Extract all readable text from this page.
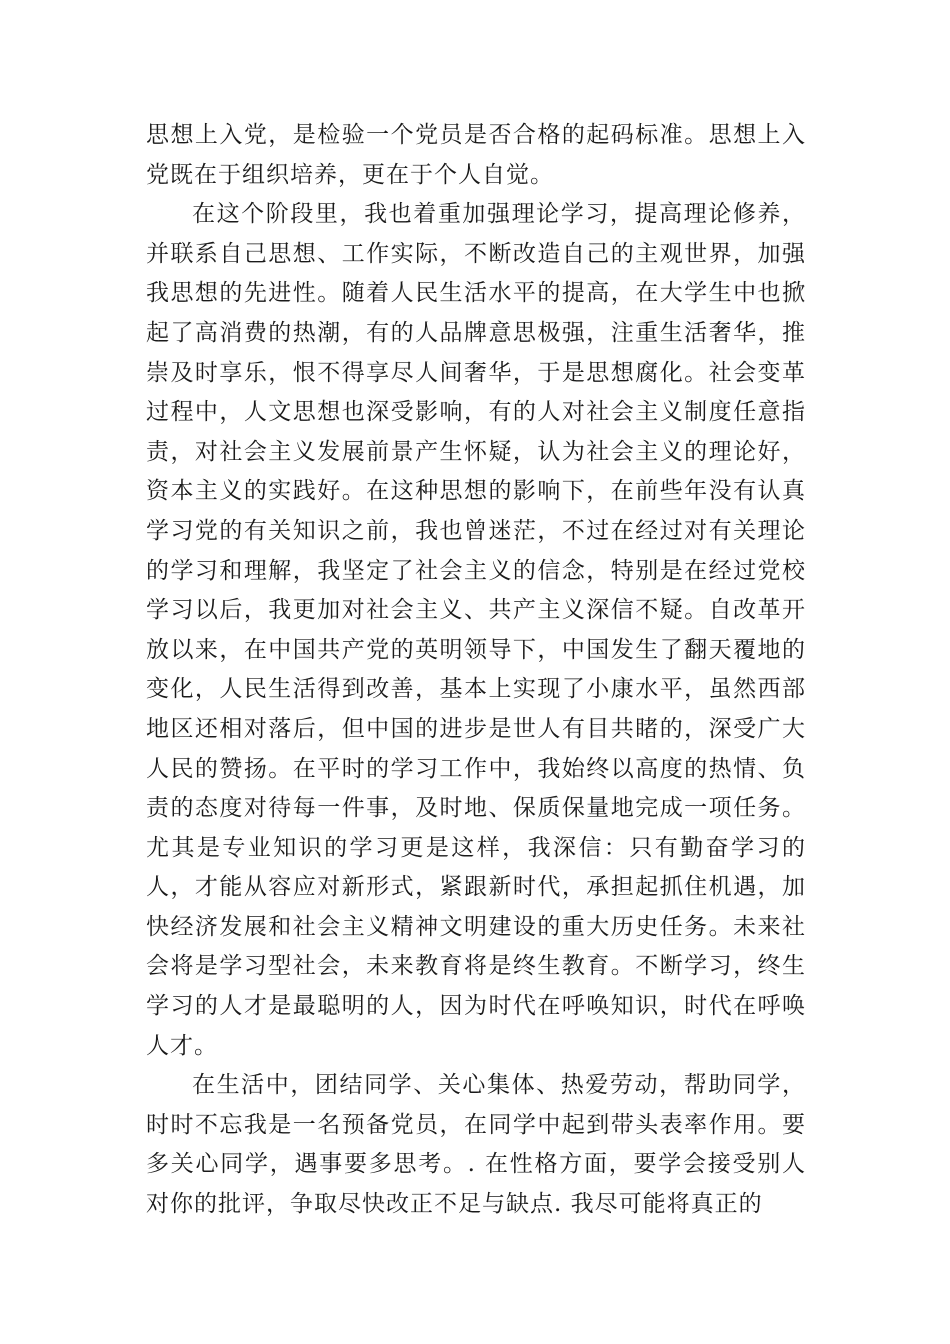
思想上入党，是检验一个党员是否合格的起码标准。思想上入党既在于组织培养，更在于个人自觉。

在这个阶段里，我也着重加强理论学习，提高理论修养，并联系自己思想、工作实际，不断改造自己的主观世界，加强我思想的先进性。随着人民生活水平的提高，在大学生中也掀起了高消费的热潮，有的人品牌意思极强，注重生活奢华，推崇及时享乐，恨不得享尽人间奢华，于是思想腐化。社会变革过程中，人文思想也深受影响，有的人对社会主义制度任意指责，对社会主义发展前景产生怀疑，认为社会主义的理论好，资本主义的实践好。在这种思想的影响下，在前些年没有认真学习党的有关知识之前，我也曾迷茫，不过在经过对有关理论的学习和理解，我坚定了社会主义的信念，特别是在经过党校学习以后，我更加对社会主义、共产主义深信不疑。自改革开放以来，在中国共产党的英明领导下，中国发生了翻天覆地的变化，人民生活得到改善，基本上实现了小康水平，虽然西部地区还相对落后，但中国的进步是世人有目共睹的，深受广大人民的赞扬。在平时的学习工作中，我始终以高度的热情、负责的态度对待每一件事，及时地、保质保量地完成一项任务。尤其是专业知识的学习更是这样，我深信：只有勤奋学习的人，才能从容应对新形式，紧跟新时代，承担起抓住机遇，加快经济发展和社会主义精神文明建设的重大历史任务。未来社会将是学习型社会，未来教育将是终生教育。不断学习，终生学习的人才是最聪明的人，因为时代在呼唤知识，时代在呼唤人才。

在生活中，团结同学、关心集体、热爱劳动，帮助同学，时时不忘我是一名预备党员，在同学中起到带头表率作用。要多关心同学，遇事要多思考。. 在性格方面，要学会接受别人对你的批评，争取尽快改正不足与缺点. 我尽可能将真正的
